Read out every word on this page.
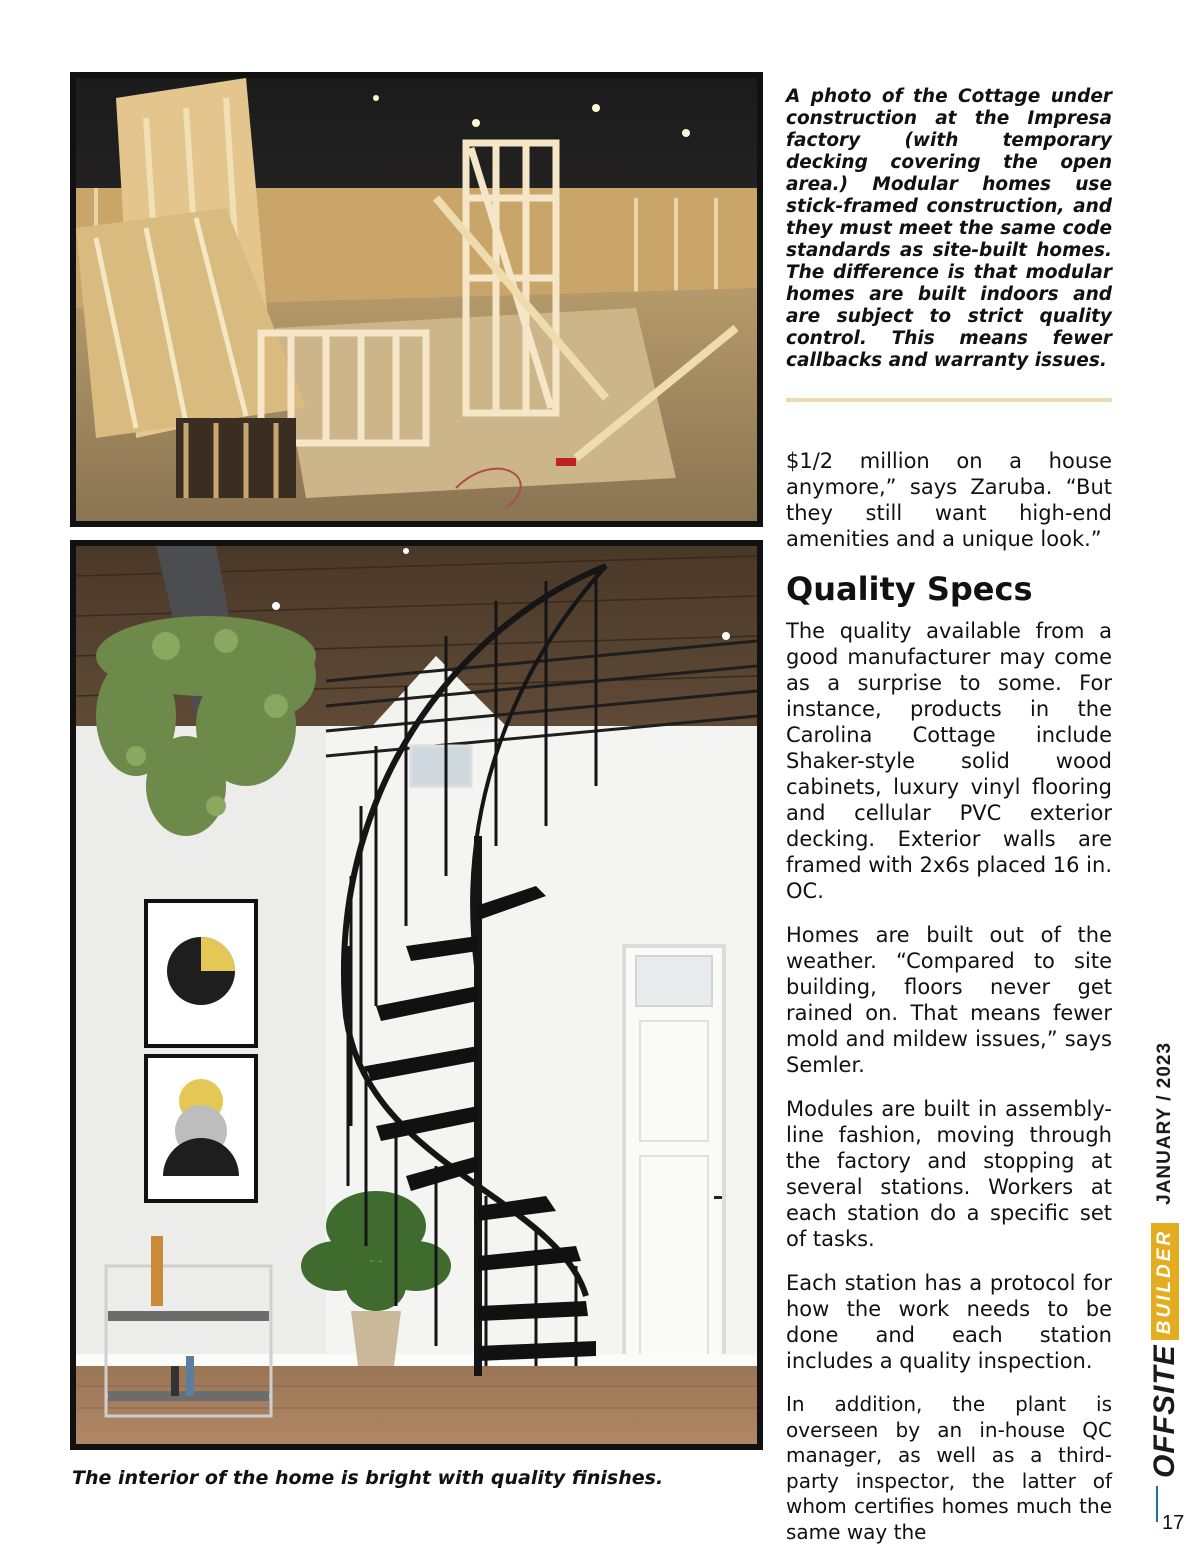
A photo of the Cottage under construction at the Impresa factory (with temporary decking covering the open area.) Modular homes use stick-framed construction, and they must meet the same code standards as site-built homes. The difference is that modular homes are built indoors and are subject to strict quality control. This means fewer callbacks and warranty issues.

$1/2 million on a house anymore,” says Zaruba. “But they still want high-end amenities and a unique look.”

Quality Specs

The quality available from a good manufacturer may come as a surprise to some. For instance, products in the Carolina Cottage include Shaker-style solid wood cabinets, luxury vinyl flooring and cellular PVC exterior decking. Exterior walls are framed with 2x6s placed 16 in. OC.

Homes are built out of the weather. “Compared to site building, floors never get rained on. That means fewer mold and mildew issues,” says Semler.

Modules are built in assembly-line fashion, moving through the factory and stopping at several stations. Workers at each station do a specific set of tasks.

Each station has a protocol for how the work needs to be done and each station includes a quality inspection.

In addition, the plant is overseen by an in-house QC manager, as well as a third-party inspector, the latter of whom certifies homes much the same way the

The interior of the home is bright with quality finishes.	OFFSITE
BUILDER
JANUARY / 2023
17
